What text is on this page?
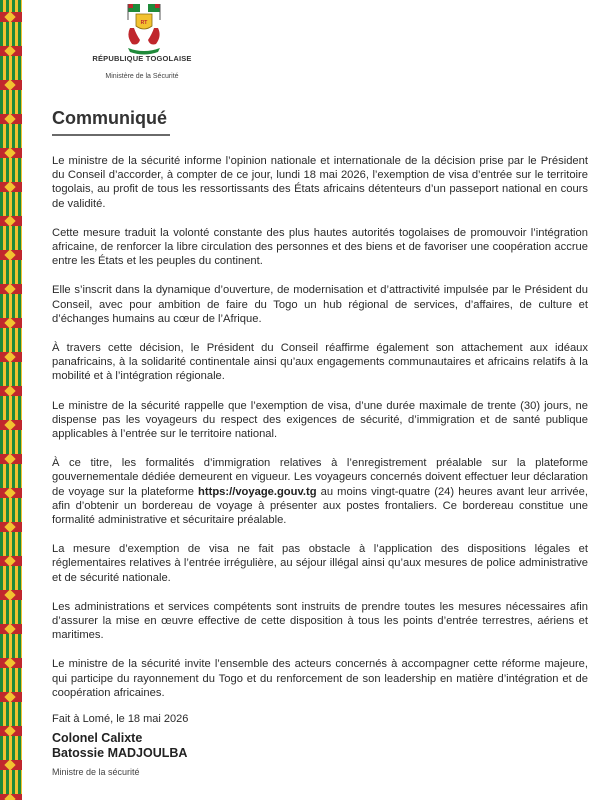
RT
RÉPUBLIQUE TOGOLAISE
Ministère de la Sécurité
Communiqué

Le ministre de la sécurité informe l’opinion nationale et internationale de la décision prise par le Président du Conseil d’accorder, à compter de ce jour, lundi 18 mai 2026, l’exemption de visa d’entrée sur le territoire togolais, au profit de tous les ressortissants des États africains détenteurs d’un passeport national en cours de validité.

Cette mesure traduit la volonté constante des plus hautes autorités togolaises de promouvoir l’intégration africaine, de renforcer la libre circulation des personnes et des biens et de favoriser une coopération accrue entre les États et les peuples du continent.

Elle s’inscrit dans la dynamique d’ouverture, de modernisation et d’attractivité impulsée par le Président du Conseil, avec pour ambition de faire du Togo un hub régional de services, d’affaires, de culture et d’échanges humains au cœur de l’Afrique.

À travers cette décision, le Président du Conseil réaffirme également son attachement aux idéaux panafricains, à la solidarité continentale ainsi qu’aux engagements communautaires et africains relatifs à la mobilité et à l’intégration régionale.

Le ministre de la sécurité rappelle que l’exemption de visa, d’une durée maximale de trente (30) jours, ne dispense pas les voyageurs du respect des exigences de sécurité, d’immigration et de santé publique applicables à l’entrée sur le territoire national.

À ce titre, les formalités d’immigration relatives à l’enregistrement préalable sur la plateforme gouvernementale dédiée demeurent en vigueur. Les voyageurs concernés doivent effectuer leur déclaration de voyage sur la plateforme https://voyage.gouv.tg au moins vingt-quatre (24) heures avant leur arrivée, afin d’obtenir un bordereau de voyage à présenter aux postes frontaliers. Ce bordereau constitue une formalité administrative et sécuritaire préalable.

La mesure d’exemption de visa ne fait pas obstacle à l’application des dispositions légales et réglementaires relatives à l’entrée irrégulière, au séjour illégal ainsi qu’aux mesures de police administrative et de sécurité nationale.

Les administrations et services compétents sont instruits de prendre toutes les mesures nécessaires afin d’assurer la mise en œuvre effective de cette disposition à tous les points d’entrée terrestres, aériens et maritimes.

Le ministre de la sécurité invite l’ensemble des acteurs concernés à accompagner cette réforme majeure, qui participe du rayonnement du Togo et du renforcement de son leadership en matière d’intégration et de coopération africaines.

Fait à Lomé, le 18 mai 2026
Colonel Calixte
Batossie MADJOULBA
Ministre de la sécurité
